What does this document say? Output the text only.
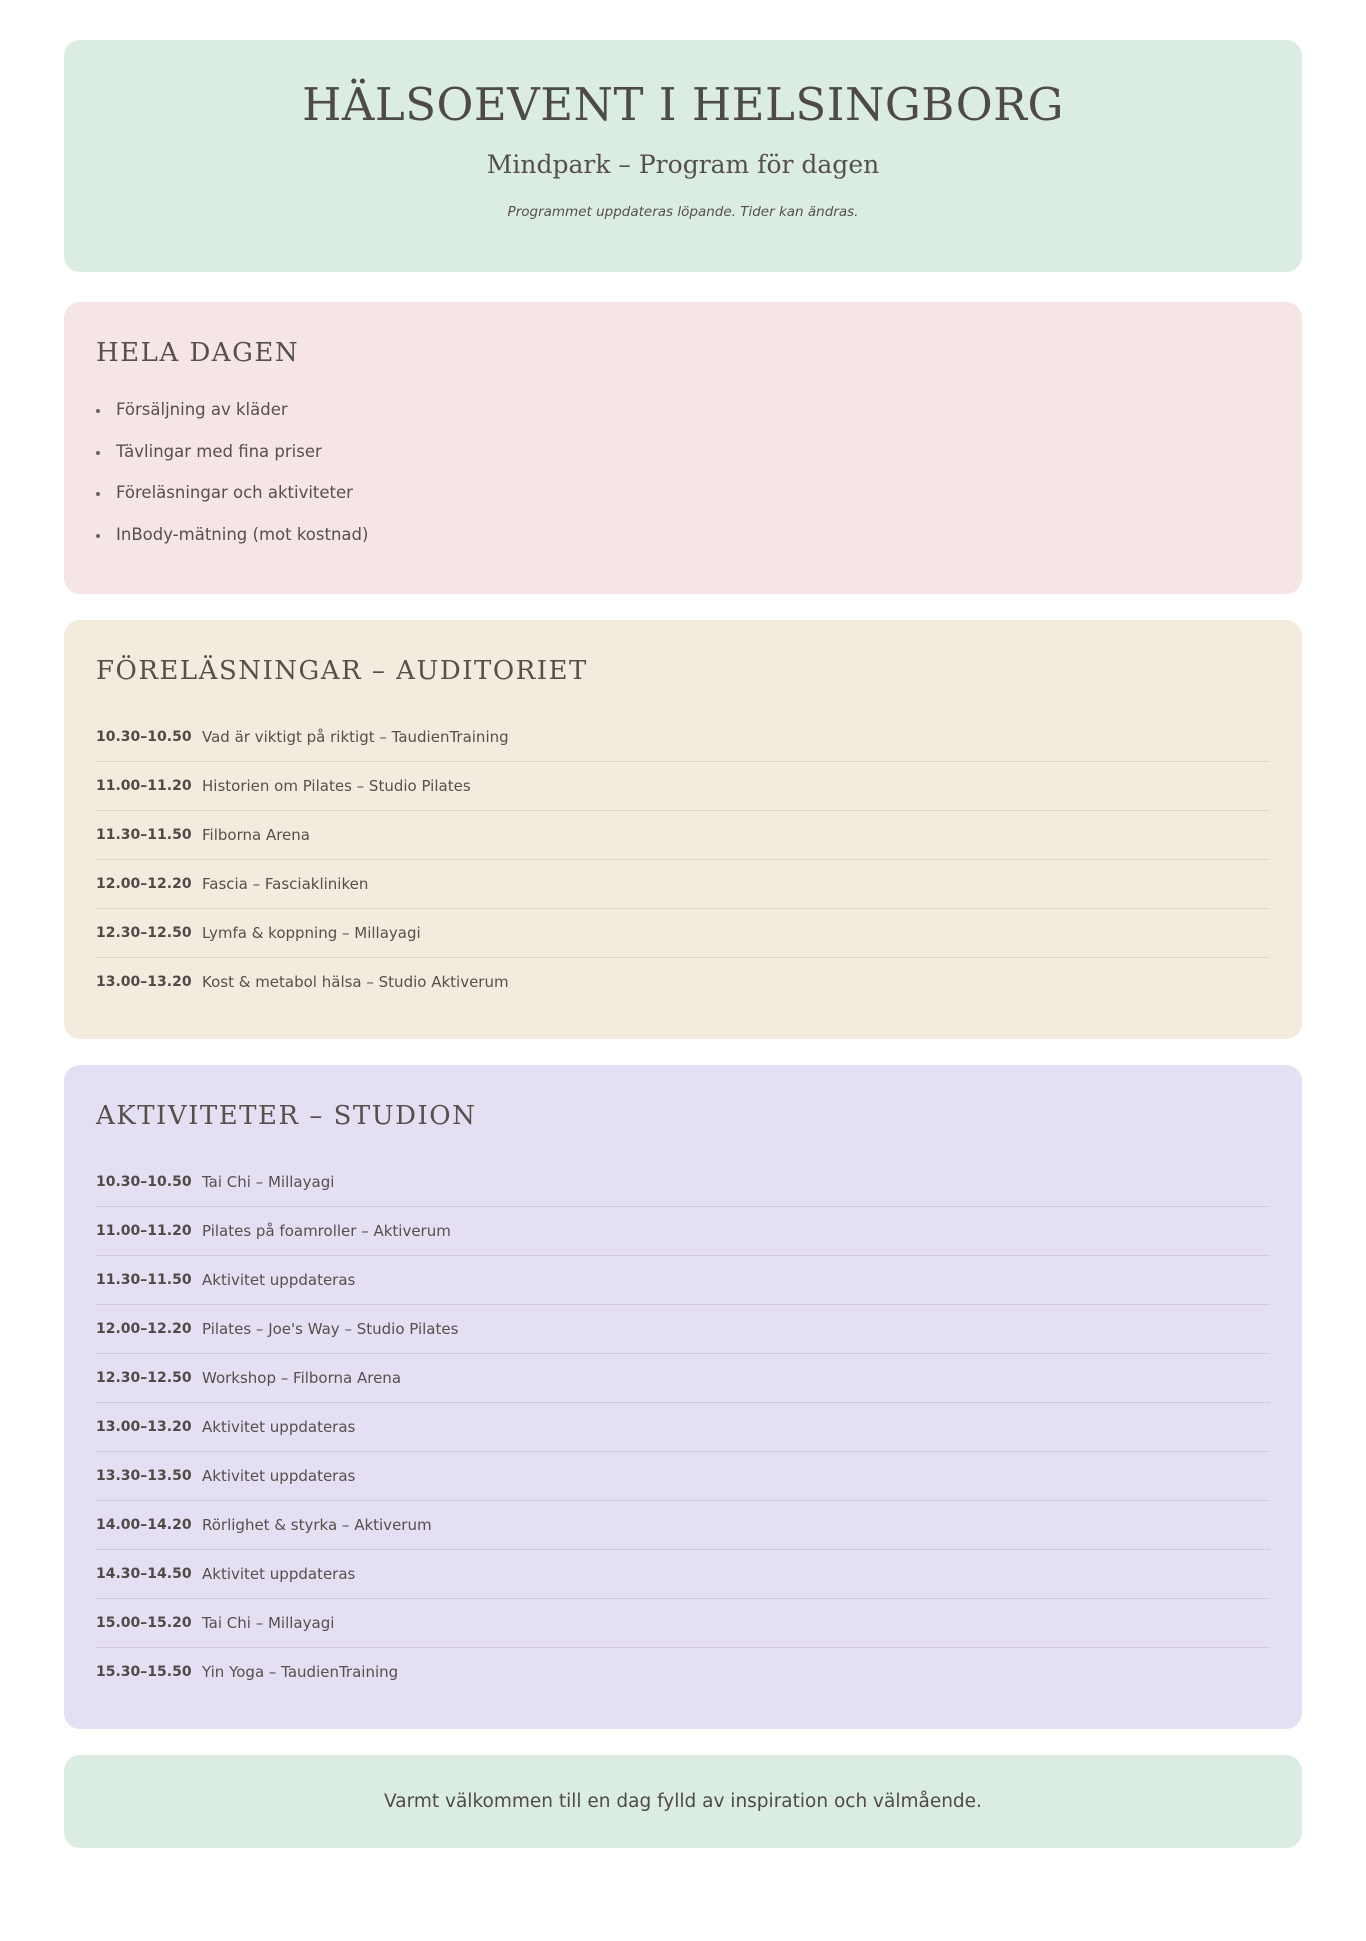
HÄLSOEVENT I HELSINGBORG
Mindpark – Program för dagen

Programmet uppdateras löpande. Tider kan ändras.

HELA DAGEN
Försäljning av kläder
Tävlingar med fina priser
Föreläsningar och aktiviteter
InBody-mätning (mot kostnad)
FÖRELÄSNINGAR – AUDITORIET
10.30–10.50 Vad är viktigt på riktigt – TaudienTraining
11.00–11.20 Historien om Pilates – Studio Pilates
11.30–11.50 Filborna Arena
12.00–12.20 Fascia – Fasciakliniken
12.30–12.50 Lymfa & koppning – Millayagi
13.00–13.20 Kost & metabol hälsa – Studio Aktiverum
AKTIVITETER – STUDION
10.30–10.50 Tai Chi – Millayagi
11.00–11.20 Pilates på foamroller – Aktiverum
11.30–11.50 Aktivitet uppdateras
12.00–12.20 Pilates – Joe's Way – Studio Pilates
12.30–12.50 Workshop – Filborna Arena
13.00–13.20 Aktivitet uppdateras
13.30–13.50 Aktivitet uppdateras
14.00–14.20 Rörlighet & styrka – Aktiverum
14.30–14.50 Aktivitet uppdateras
15.00–15.20 Tai Chi – Millayagi
15.30–15.50 Yin Yoga – TaudienTraining

Varmt välkommen till en dag fylld av inspiration och välmående.
